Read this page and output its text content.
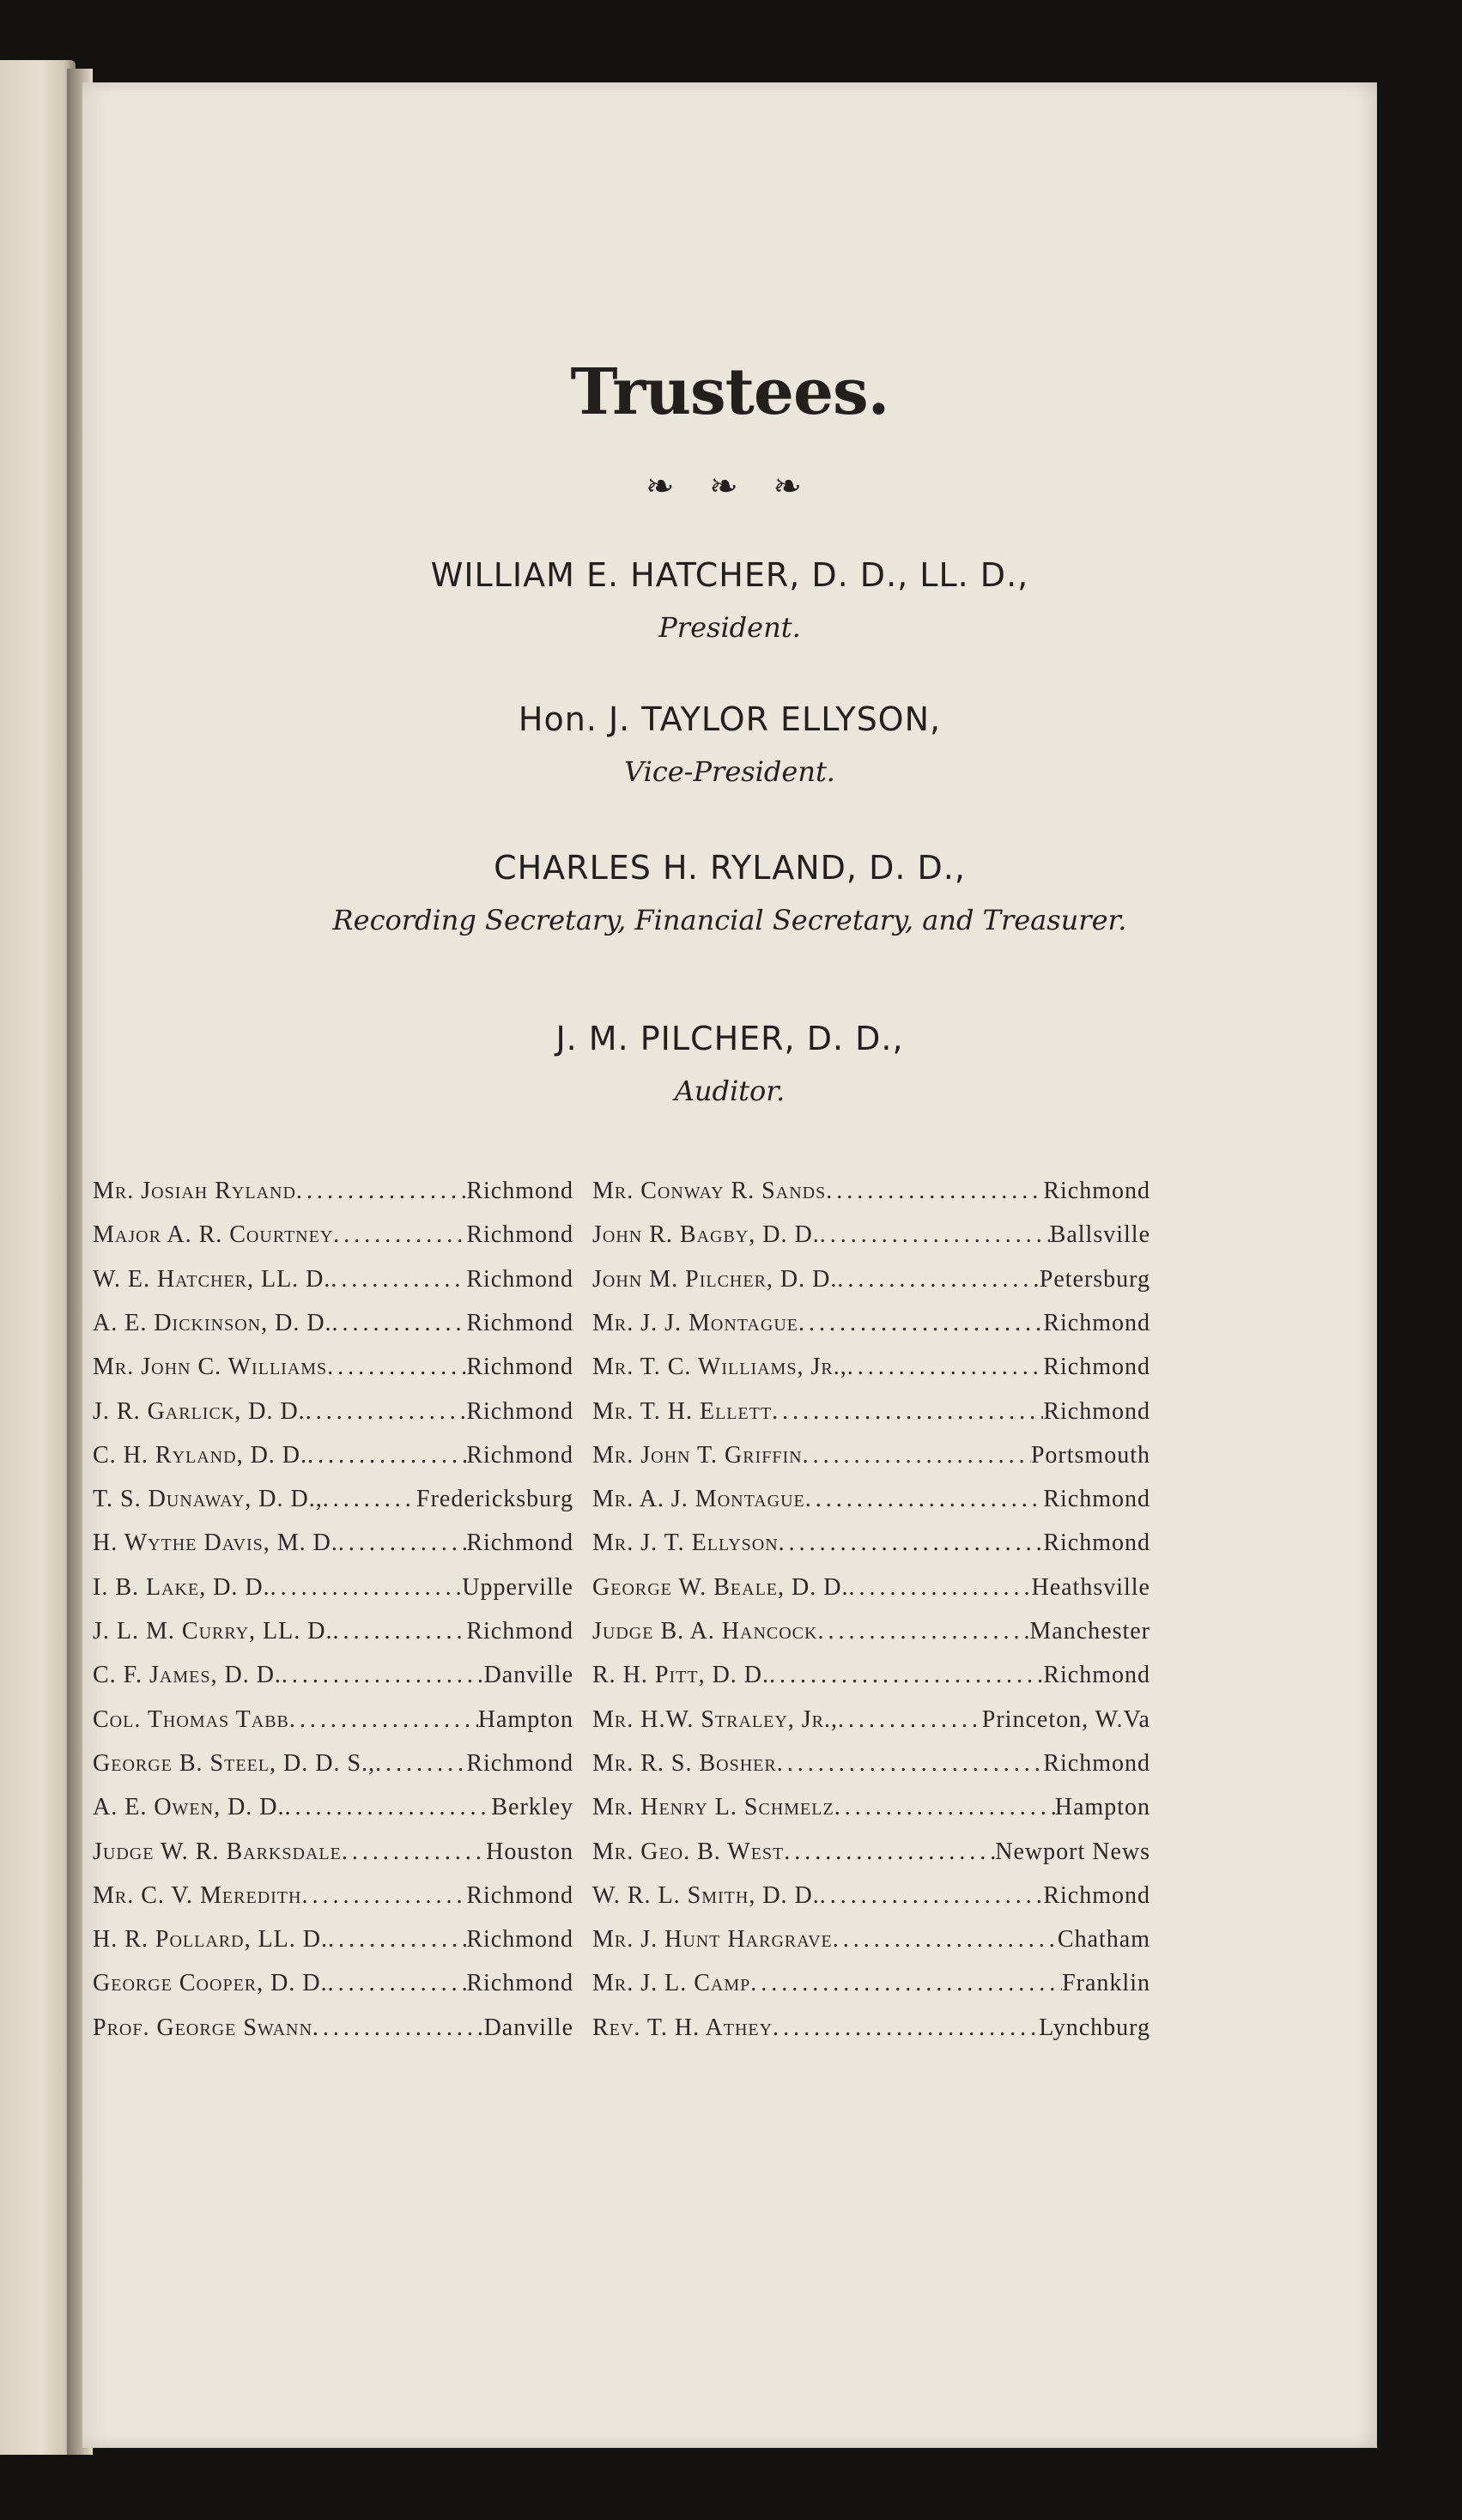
Trustees.
❧ ❧ ❧
WILLIAM E. HATCHER, D. D., LL. D.,
President.
Hon. J. TAYLOR ELLYSON,
Vice-President.
CHARLES H. RYLAND, D. D.,
Recording Secretary, Financial Secretary, and Treasurer.
J. M. PILCHER, D. D.,
Auditor.
Mr. Josiah Ryland .....	Richmond
Major A. R. Courtney .....	Richmond
W. E. Hatcher, LL. D. .....	Richmond
A. E. Dickinson, D. D. .....	Richmond
Mr. John C. Williams .....	Richmond
J. R. Garlick, D. D. .....	Richmond
C. H. Ryland, D. D. .....	Richmond
T. S. Dunaway, D. D., .....	Fredericksburg
H. Wythe Davis, M. D. .....	Richmond
I. B. Lake, D. D. .....	Upperville
J. L. M. Curry, LL. D. .....	Richmond
C. F. James, D. D. .....	Danville
Col. Thomas Tabb .....	Hampton
George B. Steel, D. D. S., .....	Richmond
A. E. Owen, D. D. .....	Berkley
Judge W. R. Barksdale .....	Houston
Mr. C. V. Meredith .....	Richmond
H. R. Pollard, LL. D. .....	Richmond
George Cooper, D. D. .....	Richmond
Prof. George Swann .....	Danville
Mr. Conway R. Sands .....	Richmond
John R. Bagby, D. D. .....	Ballsville
John M. Pilcher, D. D. .....	Petersburg
Mr. J. J. Montague .....	Richmond
Mr. T. C. Williams, Jr., .....	Richmond
Mr. T. H. Ellett .....	Richmond
Mr. John T. Griffin .....	Portsmouth
Mr. A. J. Montague .....	Richmond
Mr. J. T. Ellyson .....	Richmond
George W. Beale, D. D. .....	Heathsville
Judge B. A. Hancock .....	Manchester
R. H. Pitt, D. D. .....	Richmond
Mr. H.W. Straley, Jr., .....	Princeton, W.Va
Mr. R. S. Bosher .....	Richmond
Mr. Henry L. Schmelz .....	Hampton
Mr. Geo. B. West .....	Newport News
W. R. L. Smith, D. D. .....	Richmond
Mr. J. Hunt Hargrave .....	Chatham
Mr. J. L. Camp .....	Franklin
Rev. T. H. Athey .....	Lynchburg
